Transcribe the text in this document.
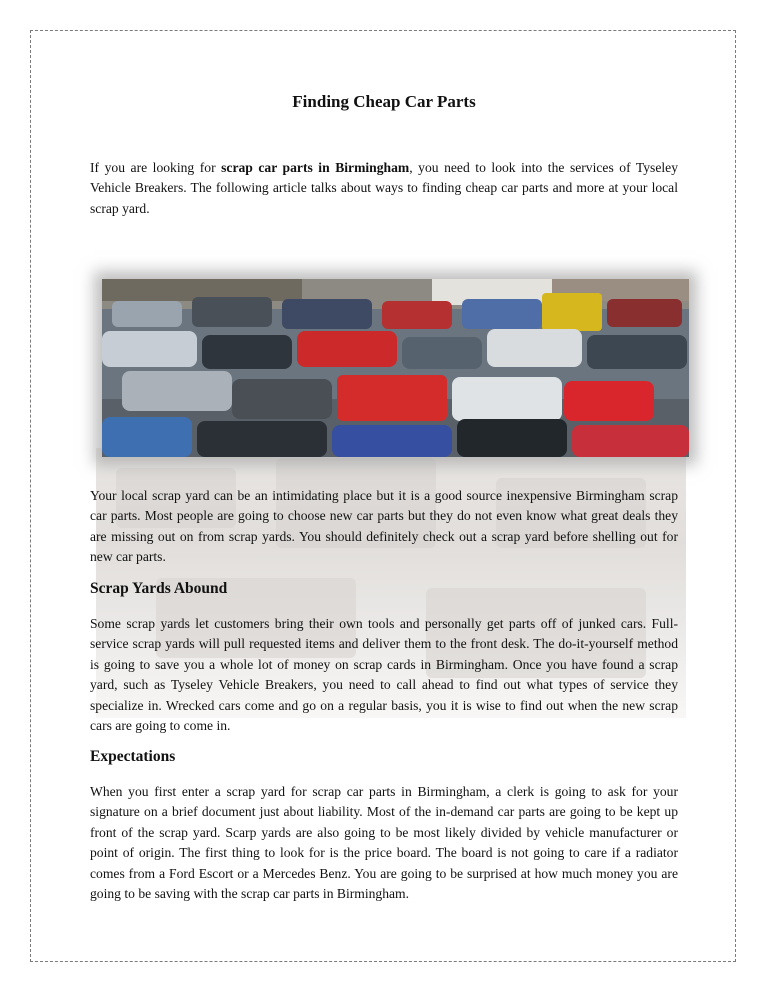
Finding Cheap Car Parts

If you are looking for scrap car parts in Birmingham, you need to look into the services of Tyseley Vehicle Breakers. The following article talks about ways to finding cheap car parts and more at your local scrap yard.

Your local scrap yard can be an intimidating place but it is a good source inexpensive Birmingham scrap car parts. Most people are going to choose new car parts but they do not even know what great deals they are missing out on from scrap yards. You should definitely check out a scrap yard before shelling out for new car parts.

Scrap Yards Abound

Some scrap yards let customers bring their own tools and personally get parts off of junked cars. Full-service scrap yards will pull requested items and deliver them to the front desk. The do-it-yourself method is going to save you a whole lot of money on scrap cards in Birmingham. Once you have found a scrap yard, such as Tyseley Vehicle Breakers, you need to call ahead to find out what types of service they specialize in. Wrecked cars come and go on a regular basis, you it is wise to find out when the new scrap cars are going to come in.

Expectations

When you first enter a scrap yard for scrap car parts in Birmingham, a clerk is going to ask for your signature on a brief document just about liability. Most of the in-demand car parts are going to be kept up front of the scrap yard. Scarp yards are also going to be most likely divided by vehicle manufacturer or point of origin. The first thing to look for is the price board. The board is not going to care if a radiator comes from a Ford Escort or a Mercedes Benz. You are going to be surprised at how much money you are going to be saving with the scrap car parts in Birmingham.
